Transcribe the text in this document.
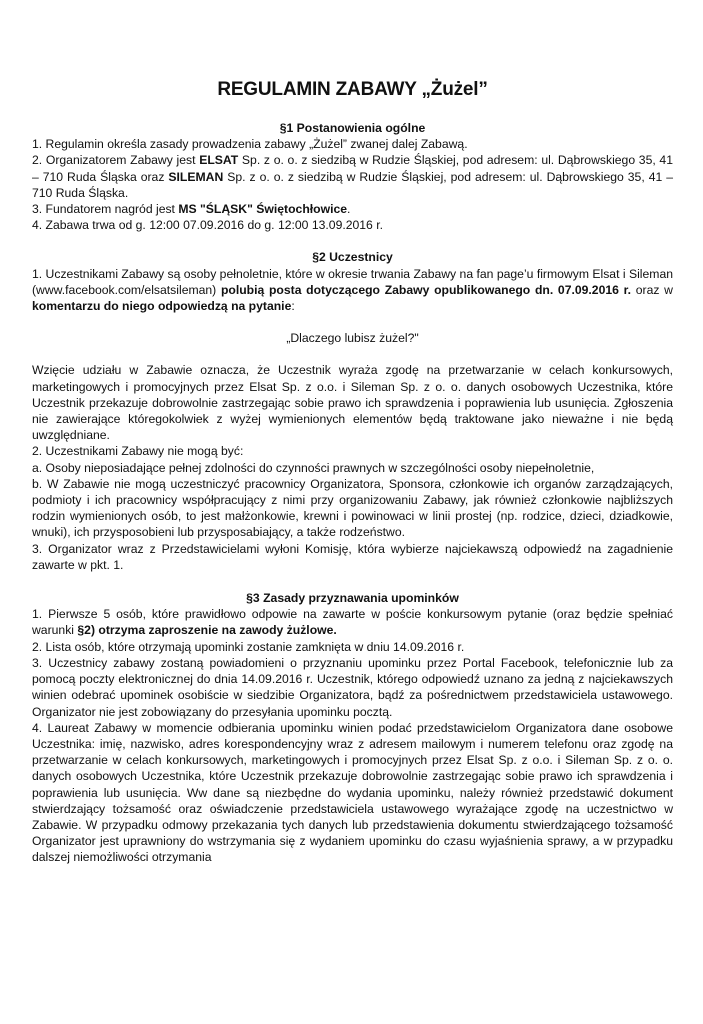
REGULAMIN ZABAWY „Żużel”

§1 Postanowienia ogólne

1. Regulamin określa zasady prowadzenia zabawy „Żużel” zwanej dalej Zabawą.

2. Organizatorem Zabawy jest ELSAT Sp. z o. o. z siedzibą w Rudzie Śląskiej, pod adresem: ul. Dąbrowskiego 35, 41 – 710 Ruda Śląska oraz SILEMAN Sp. z o. o. z siedzibą w Rudzie Śląskiej, pod adresem: ul. Dąbrowskiego 35, 41 – 710 Ruda Śląska.

3. Fundatorem nagród jest MS "ŚLĄSK" Świętochłowice.

4. Zabawa trwa od g. 12:00 07.09.2016 do g. 12:00 13.09.2016 r.

§2 Uczestnicy

1. Uczestnikami Zabawy są osoby pełnoletnie, które w okresie trwania Zabawy na fan page’u firmowym Elsat i Sileman (www.facebook.com/elsatsileman) polubią posta dotyczącego Zabawy opublikowanego dn. 07.09.2016 r. oraz w komentarzu do niego odpowiedzą na pytanie:

„Dlaczego lubisz żużel?"

Wzięcie udziału w Zabawie oznacza, że Uczestnik wyraża zgodę na przetwarzanie w celach konkursowych, marketingowych i promocyjnych przez Elsat Sp. z o.o. i Sileman Sp. z o. o. danych osobowych Uczestnika, które Uczestnik przekazuje dobrowolnie zastrzegając sobie prawo ich sprawdzenia i poprawienia lub usunięcia. Zgłoszenia nie zawierające któregokolwiek z wyżej wymienionych elementów będą traktowane jako nieważne i nie będą uwzględniane.

2. Uczestnikami Zabawy nie mogą być:

a. Osoby nieposiadające pełnej zdolności do czynności prawnych w szczególności osoby niepełnoletnie,

b. W Zabawie nie mogą uczestniczyć pracownicy Organizatora, Sponsora, członkowie ich organów zarządzających, podmioty i ich pracownicy współpracujący z nimi przy organizowaniu Zabawy, jak również członkowie najbliższych rodzin wymienionych osób, to jest małżonkowie, krewni i powinowaci w linii prostej (np. rodzice, dzieci, dziadkowie, wnuki), ich przysposobieni lub przysposabiający, a także rodzeństwo.

3. Organizator wraz z Przedstawicielami wyłoni Komisję, która wybierze najciekawszą odpowiedź na zagadnienie zawarte w pkt. 1.

§3 Zasady przyznawania upominków

1. Pierwsze 5 osób, które prawidłowo odpowie na zawarte w poście konkursowym pytanie (oraz będzie spełniać warunki §2) otrzyma zaproszenie na zawody żużlowe.

2. Lista osób, które otrzymają upominki zostanie zamknięta w dniu 14.09.2016 r.

3. Uczestnicy zabawy zostaną powiadomieni o przyznaniu upominku przez Portal Facebook, telefonicznie lub za pomocą poczty elektronicznej do dnia 14.09.2016 r. Uczestnik, którego odpowiedź uznano za jedną z najciekawszych winien odebrać upominek osobiście w siedzibie Organizatora, bądź za pośrednictwem przedstawiciela ustawowego. Organizator nie jest zobowiązany do przesyłania upominku pocztą.

4. Laureat Zabawy w momencie odbierania upominku winien podać przedstawicielom Organizatora dane osobowe Uczestnika: imię, nazwisko, adres korespondencyjny wraz z adresem mailowym i numerem telefonu oraz zgodę na przetwarzanie w celach konkursowych, marketingowych i promocyjnych przez Elsat Sp. z o.o. i Sileman Sp. z o. o. danych osobowych Uczestnika, które Uczestnik przekazuje dobrowolnie zastrzegając sobie prawo ich sprawdzenia i poprawienia lub usunięcia. Ww dane są niezbędne do wydania upominku, należy również przedstawić dokument stwierdzający tożsamość oraz oświadczenie przedstawiciela ustawowego wyrażające zgodę na uczestnictwo w Zabawie. W przypadku odmowy przekazania tych danych lub przedstawienia dokumentu stwierdzającego tożsamość Organizator jest uprawniony do wstrzymania się z wydaniem upominku do czasu wyjaśnienia sprawy, a w przypadku dalszej niemożliwości otrzymania
